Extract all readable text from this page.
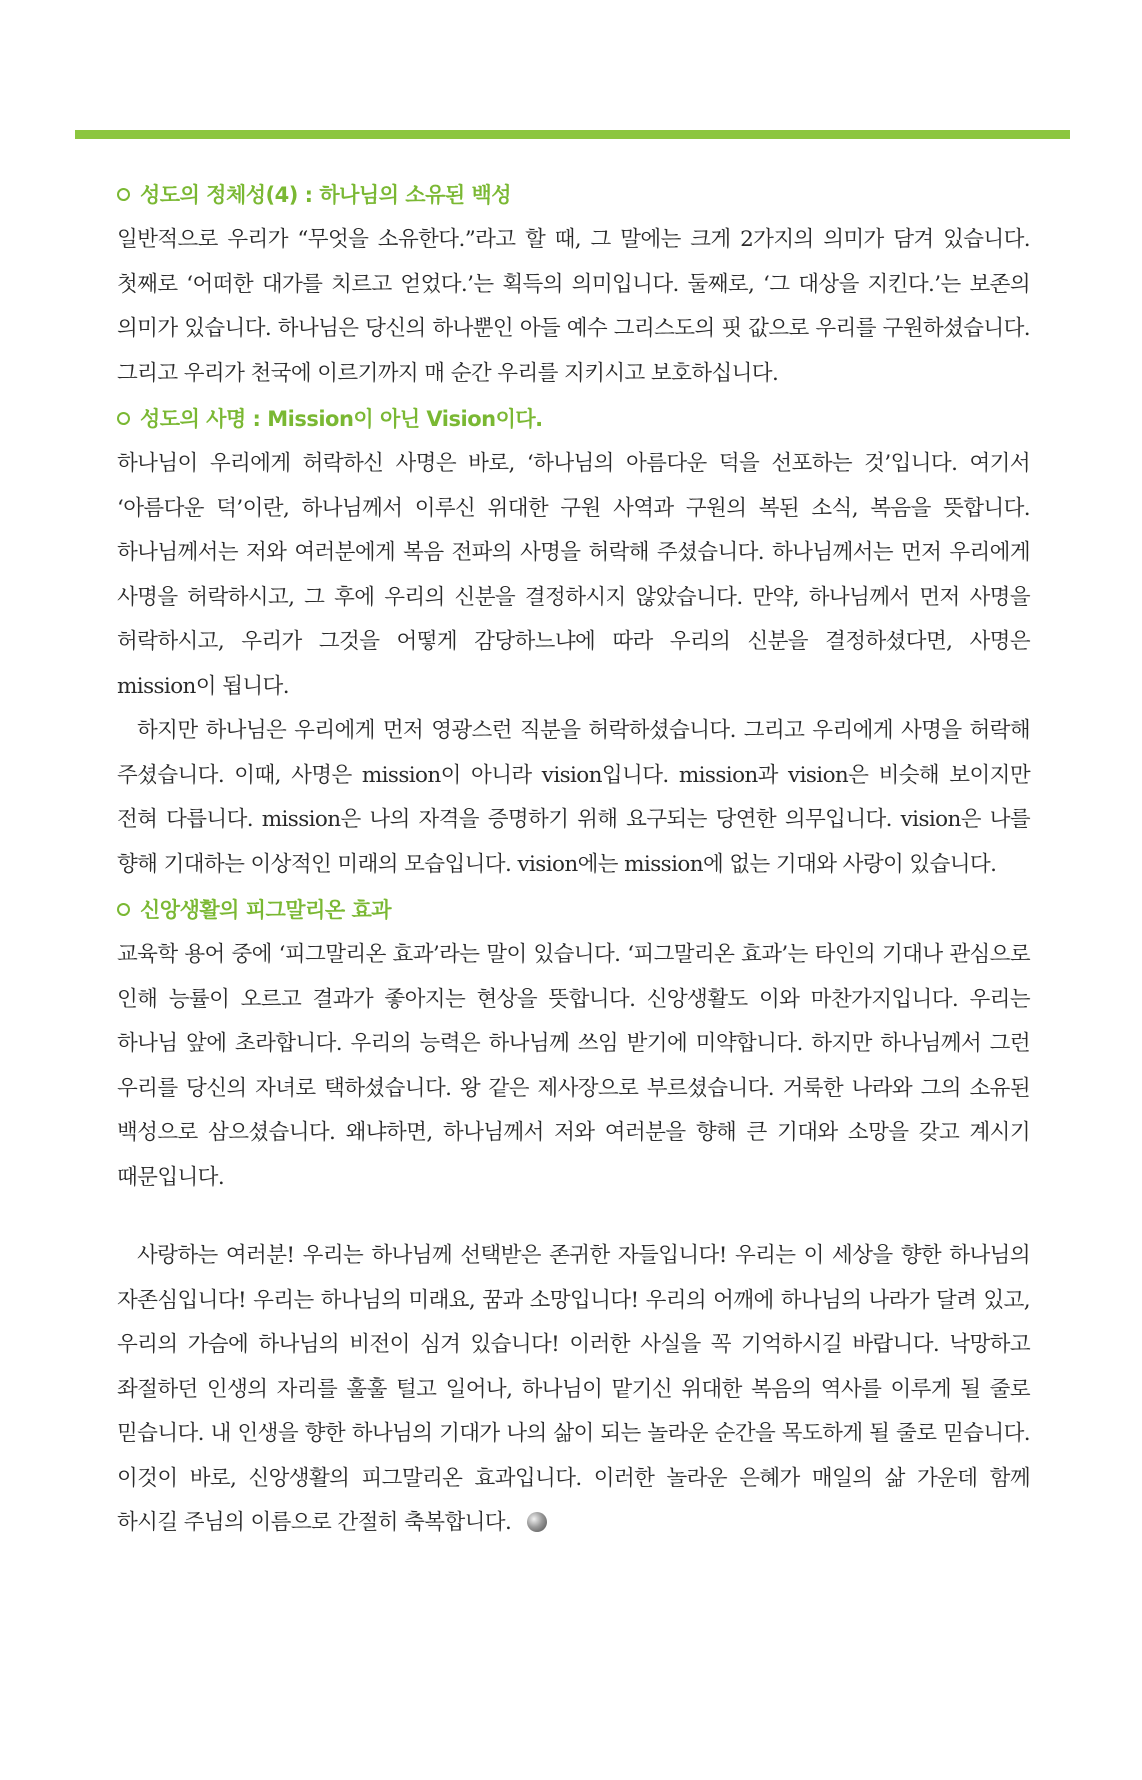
성도의 정체성(4) : 하나님의 소유된 백성

일반적으로 우리가 “무엇을 소유한다.”라고 할 때, 그 말에는 크게 2가지의 의미가 담겨 있습니다. 첫째로 ‘어떠한 대가를 치르고 얻었다.’는 획득의 의미입니다. 둘째로, ‘그 대상을 지킨다.’는 보존의 의미가 있습니다. 하나님은 당신의 하나뿐인 아들 예수 그리스도의 핏 값으로 우리를 구원하셨습니다. 그리고 우리가 천국에 이르기까지 매 순간 우리를 지키시고 보호하십니다.

성도의 사명 : Mission이 아닌 Vision이다.

하나님이 우리에게 허락하신 사명은 바로, ‘하나님의 아름다운 덕을 선포하는 것’입니다. 여기서 ‘아름다운 덕’이란, 하나님께서 이루신 위대한 구원 사역과 구원의 복된 소식, 복음을 뜻합니다. 하나님께서는 저와 여러분에게 복음 전파의 사명을 허락해 주셨습니다. 하나님께서는 먼저 우리에게 사명을 허락하시고, 그 후에 우리의 신분을 결정하시지 않았습니다. 만약, 하나님께서 먼저 사명을 허락하시고, 우리가 그것을 어떻게 감당하느냐에 따라 우리의 신분을 결정하셨다면, 사명은 mission이 됩니다.

하지만 하나님은 우리에게 먼저 영광스런 직분을 허락하셨습니다. 그리고 우리에게 사명을 허락해 주셨습니다. 이때, 사명은 mission이 아니라 vision입니다. mission과 vision은 비슷해 보이지만 전혀 다릅니다. mission은 나의 자격을 증명하기 위해 요구되는 당연한 의무입니다. vision은 나를 향해 기대하는 이상적인 미래의 모습입니다. vision에는 mission에 없는 기대와 사랑이 있습니다.

신앙생활의 피그말리온 효과

교육학 용어 중에 ‘피그말리온 효과’라는 말이 있습니다. ‘피그말리온 효과’는 타인의 기대나 관심으로 인해 능률이 오르고 결과가 좋아지는 현상을 뜻합니다. 신앙생활도 이와 마찬가지입니다. 우리는 하나님 앞에 초라합니다. 우리의 능력은 하나님께 쓰임 받기에 미약합니다. 하지만 하나님께서 그런 우리를 당신의 자녀로 택하셨습니다. 왕 같은 제사장으로 부르셨습니다. 거룩한 나라와 그의 소유된 백성으로 삼으셨습니다. 왜냐하면, 하나님께서 저와 여러분을 향해 큰 기대와 소망을 갖고 계시기 때문입니다.

사랑하는 여러분! 우리는 하나님께 선택받은 존귀한 자들입니다! 우리는 이 세상을 향한 하나님의 자존심입니다! 우리는 하나님의 미래요, 꿈과 소망입니다! 우리의 어깨에 하나님의 나라가 달려 있고, 우리의 가슴에 하나님의 비전이 심겨 있습니다! 이러한 사실을 꼭 기억하시길 바랍니다. 낙망하고 좌절하던 인생의 자리를 훌훌 털고 일어나, 하나님이 맡기신 위대한 복음의 역사를 이루게 될 줄로 믿습니다. 내 인생을 향한 하나님의 기대가 나의 삶이 되는 놀라운 순간을 목도하게 될 줄로 믿습니다. 이것이 바로, 신앙생활의 피그말리온 효과입니다. 이러한 놀라운 은혜가 매일의 삶 가운데 함께 하시길 주님의 이름으로 간절히 축복합니다.
